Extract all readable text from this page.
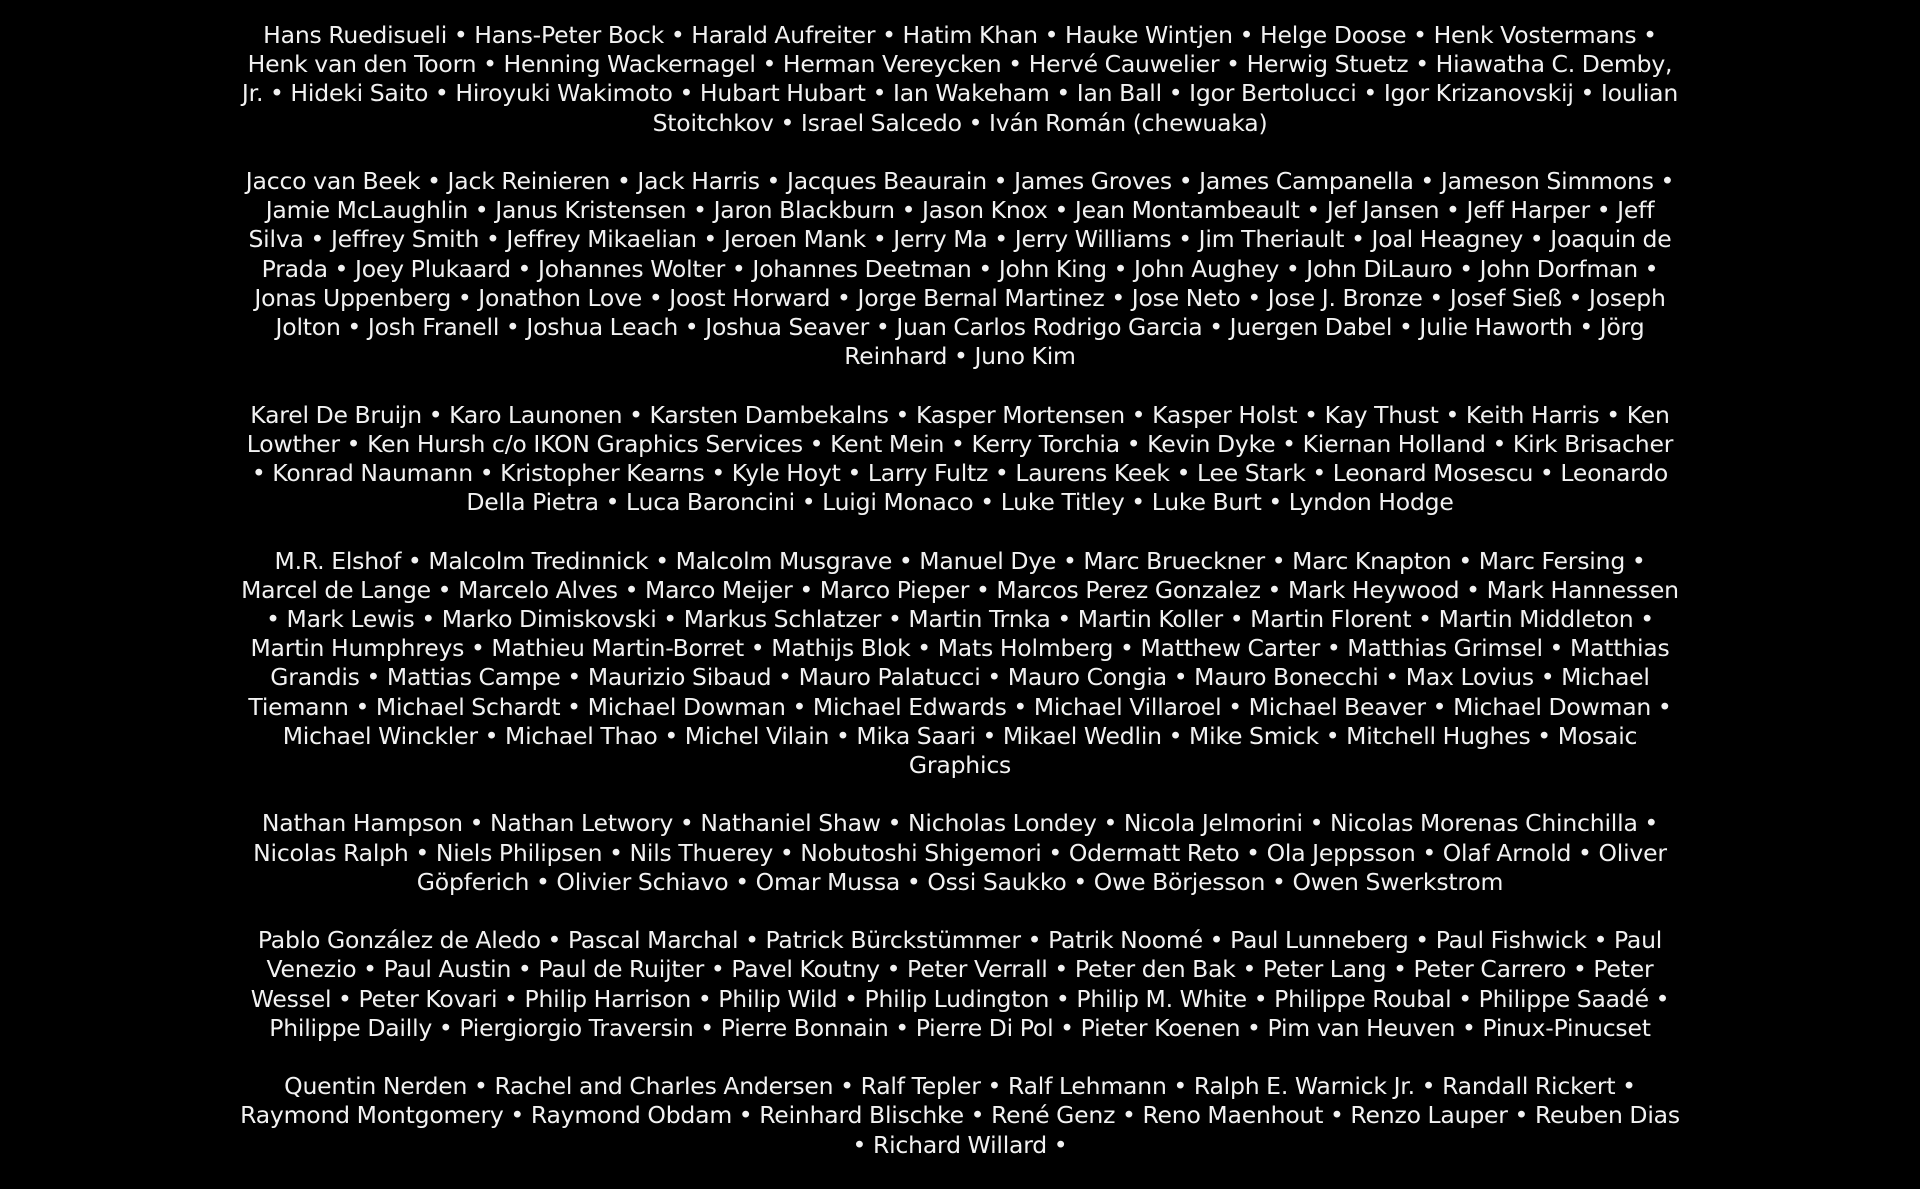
Hans Ruedisueli • Hans-Peter Bock • Harald Aufreiter • Hatim Khan • Hauke Wintjen • Helge Doose • Henk Vostermans • Henk van den Toorn • Henning Wackernagel • Herman Vereycken • Hervé Cauwelier • Herwig Stuetz • Hiawatha C. Demby, Jr. • Hideki Saito • Hiroyuki Wakimoto • Hubart Hubart • Ian Wakeham • Ian Ball • Igor Bertolucci • Igor Krizanovskij • Ioulian Stoitchkov • Israel Salcedo • Iván Román (chewuaka)

Jacco van Beek • Jack Reinieren • Jack Harris • Jacques Beaurain • James Groves • James Campanella • Jameson Simmons • Jamie McLaughlin • Janus Kristensen • Jaron Blackburn • Jason Knox • Jean Montambeault • Jef Jansen • Jeff Harper • Jeff Silva • Jeffrey Smith • Jeffrey Mikaelian • Jeroen Mank • Jerry Ma • Jerry Williams • Jim Theriault • Joal Heagney • Joaquin de Prada • Joey Plukaard • Johannes Wolter • Johannes Deetman • John King • John Aughey • John DiLauro • John Dorfman • Jonas Uppenberg • Jonathon Love • Joost Horward • Jorge Bernal Martinez • Jose Neto • Jose J. Bronze • Josef Sieß • Joseph Jolton • Josh Franell • Joshua Leach • Joshua Seaver • Juan Carlos Rodrigo Garcia • Juergen Dabel • Julie Haworth • Jörg Reinhard • Juno Kim

Karel De Bruijn • Karo Launonen • Karsten Dambekalns • Kasper Mortensen • Kasper Holst • Kay Thust • Keith Harris • Ken Lowther • Ken Hursh c/o IKON Graphics Services • Kent Mein • Kerry Torchia • Kevin Dyke • Kiernan Holland • Kirk Brisacher • Konrad Naumann • Kristopher Kearns • Kyle Hoyt • Larry Fultz • Laurens Keek • Lee Stark • Leonard Mosescu • Leonardo Della Pietra • Luca Baroncini • Luigi Monaco • Luke Titley • Luke Burt • Lyndon Hodge

M.R. Elshof • Malcolm Tredinnick • Malcolm Musgrave • Manuel Dye • Marc Brueckner • Marc Knapton • Marc Fersing • Marcel de Lange • Marcelo Alves • Marco Meijer • Marco Pieper • Marcos Perez Gonzalez • Mark Heywood • Mark Hannessen • Mark Lewis • Marko Dimiskovski • Markus Schlatzer • Martin Trnka • Martin Koller • Martin Florent • Martin Middleton • Martin Humphreys • Mathieu Martin-Borret • Mathijs Blok • Mats Holmberg • Matthew Carter • Matthias Grimsel • Matthias Grandis • Mattias Campe • Maurizio Sibaud • Mauro Palatucci • Mauro Congia • Mauro Bonecchi • Max Lovius • Michael Tiemann • Michael Schardt • Michael Dowman • Michael Edwards • Michael Villaroel • Michael Beaver • Michael Dowman • Michael Winckler • Michael Thao • Michel Vilain • Mika Saari • Mikael Wedlin • Mike Smick • Mitchell Hughes • Mosaic Graphics

Nathan Hampson • Nathan Letwory • Nathaniel Shaw • Nicholas Londey • Nicola Jelmorini • Nicolas Morenas Chinchilla • Nicolas Ralph • Niels Philipsen • Nils Thuerey • Nobutoshi Shigemori • Odermatt Reto • Ola Jeppsson • Olaf Arnold • Oliver Göpferich • Olivier Schiavo • Omar Mussa • Ossi Saukko • Owe Börjesson • Owen Swerkstrom

Pablo González de Aledo • Pascal Marchal • Patrick Bürckstümmer • Patrik Noomé • Paul Lunneberg • Paul Fishwick • Paul Venezio • Paul Austin • Paul de Ruijter • Pavel Koutny • Peter Verrall • Peter den Bak • Peter Lang • Peter Carrero • Peter Wessel • Peter Kovari • Philip Harrison • Philip Wild • Philip Ludington • Philip M. White • Philippe Roubal • Philippe Saadé • Philippe Dailly • Piergiorgio Traversin • Pierre Bonnain • Pierre Di Pol • Pieter Koenen • Pim van Heuven • Pinux-Pinucset

Quentin Nerden • Rachel and Charles Andersen • Ralf Tepler • Ralf Lehmann • Ralph E. Warnick Jr. • Randall Rickert • Raymond Montgomery • Raymond Obdam • Reinhard Blischke • René Genz • Reno Maenhout • Renzo Lauper • Reuben Dias • Richard Willard •
